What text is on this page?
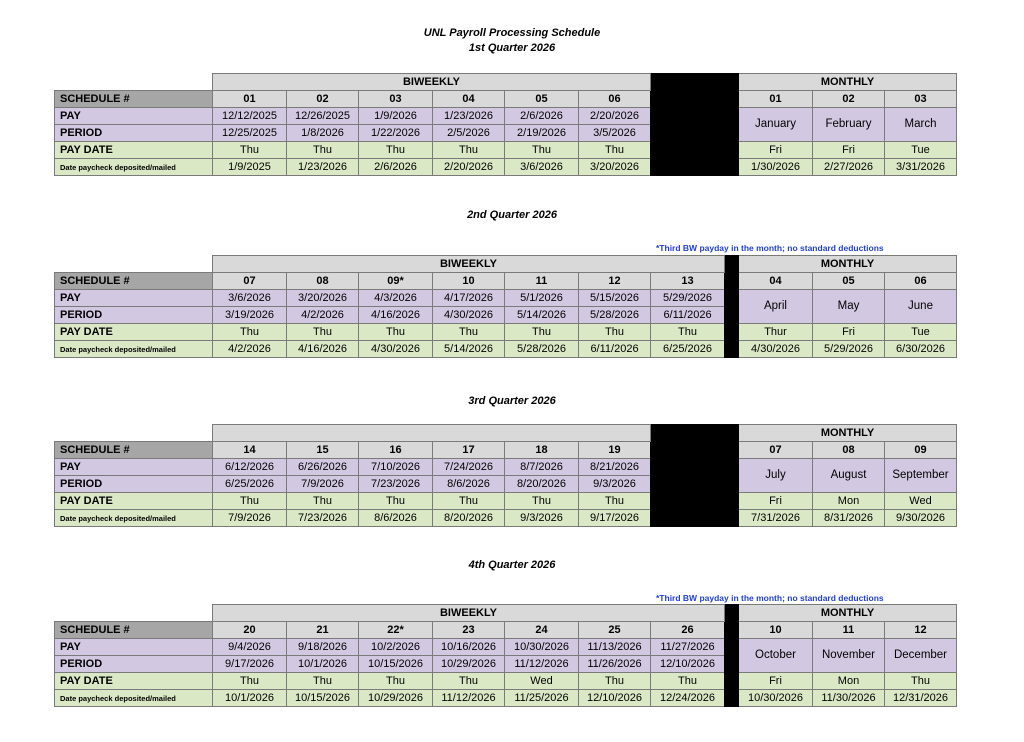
UNL Payroll Processing Schedule
1st Quarter 2026
	BIWEEKLY							MONTHLY		
SCHEDULE #	01	02	03	04	05	06		01	02	03
PAY	12/12/2025	12/26/2025	1/9/2026	1/23/2026	2/6/2026	2/20/2026		January	February	March
PERIOD	12/25/2025	1/8/2026	1/22/2026	2/5/2026	2/19/2026	3/5/2026				
PAY DATE	Thu	Thu	Thu	Thu	Thu	Thu		Fri	Fri	Tue
Date paycheck deposited/mailed	1/9/2025	1/23/2026	2/6/2026	2/20/2026	3/6/2026	3/20/2026		1/30/2026	2/27/2026	3/31/2026
2nd Quarter 2026
*Third BW payday in the month; no standard deductions
	BIWEEKLY								MONTHLY		
SCHEDULE #	07	08	09*	10	11	12	13		04	05	06
PAY	3/6/2026	3/20/2026	4/3/2026	4/17/2026	5/1/2026	5/15/2026	5/29/2026		April	May	June
PERIOD	3/19/2026	4/2/2026	4/16/2026	4/30/2026	5/14/2026	5/28/2026	6/11/2026				
PAY DATE	Thu	Thu	Thu	Thu	Thu	Thu	Thu		Thur	Fri	Tue
Date paycheck deposited/mailed	4/2/2026	4/16/2026	4/30/2026	5/14/2026	5/28/2026	6/11/2026	6/25/2026		4/30/2026	5/29/2026	6/30/2026
3rd Quarter 2026
								MONTHLY		
SCHEDULE #	14	15	16	17	18	19		07	08	09
PAY	6/12/2026	6/26/2026	7/10/2026	7/24/2026	8/7/2026	8/21/2026		July	August	September
PERIOD	6/25/2026	7/9/2026	7/23/2026	8/6/2026	8/20/2026	9/3/2026				
PAY DATE	Thu	Thu	Thu	Thu	Thu	Thu		Fri	Mon	Wed
Date paycheck deposited/mailed	7/9/2026	7/23/2026	8/6/2026	8/20/2026	9/3/2026	9/17/2026		7/31/2026	8/31/2026	9/30/2026
4th Quarter 2026
*Third BW payday in the month; no standard deductions
	BIWEEKLY								MONTHLY		
SCHEDULE #	20	21	22*	23	24	25	26		10	11	12
PAY	9/4/2026	9/18/2026	10/2/2026	10/16/2026	10/30/2026	11/13/2026	11/27/2026		October	November	December
PERIOD	9/17/2026	10/1/2026	10/15/2026	10/29/2026	11/12/2026	11/26/2026	12/10/2026				
PAY DATE	Thu	Thu	Thu	Thu	Wed	Thu	Thu		Fri	Mon	Thu
Date paycheck deposited/mailed	10/1/2026	10/15/2026	10/29/2026	11/12/2026	11/25/2026	12/10/2026	12/24/2026		10/30/2026	11/30/2026	12/31/2026
